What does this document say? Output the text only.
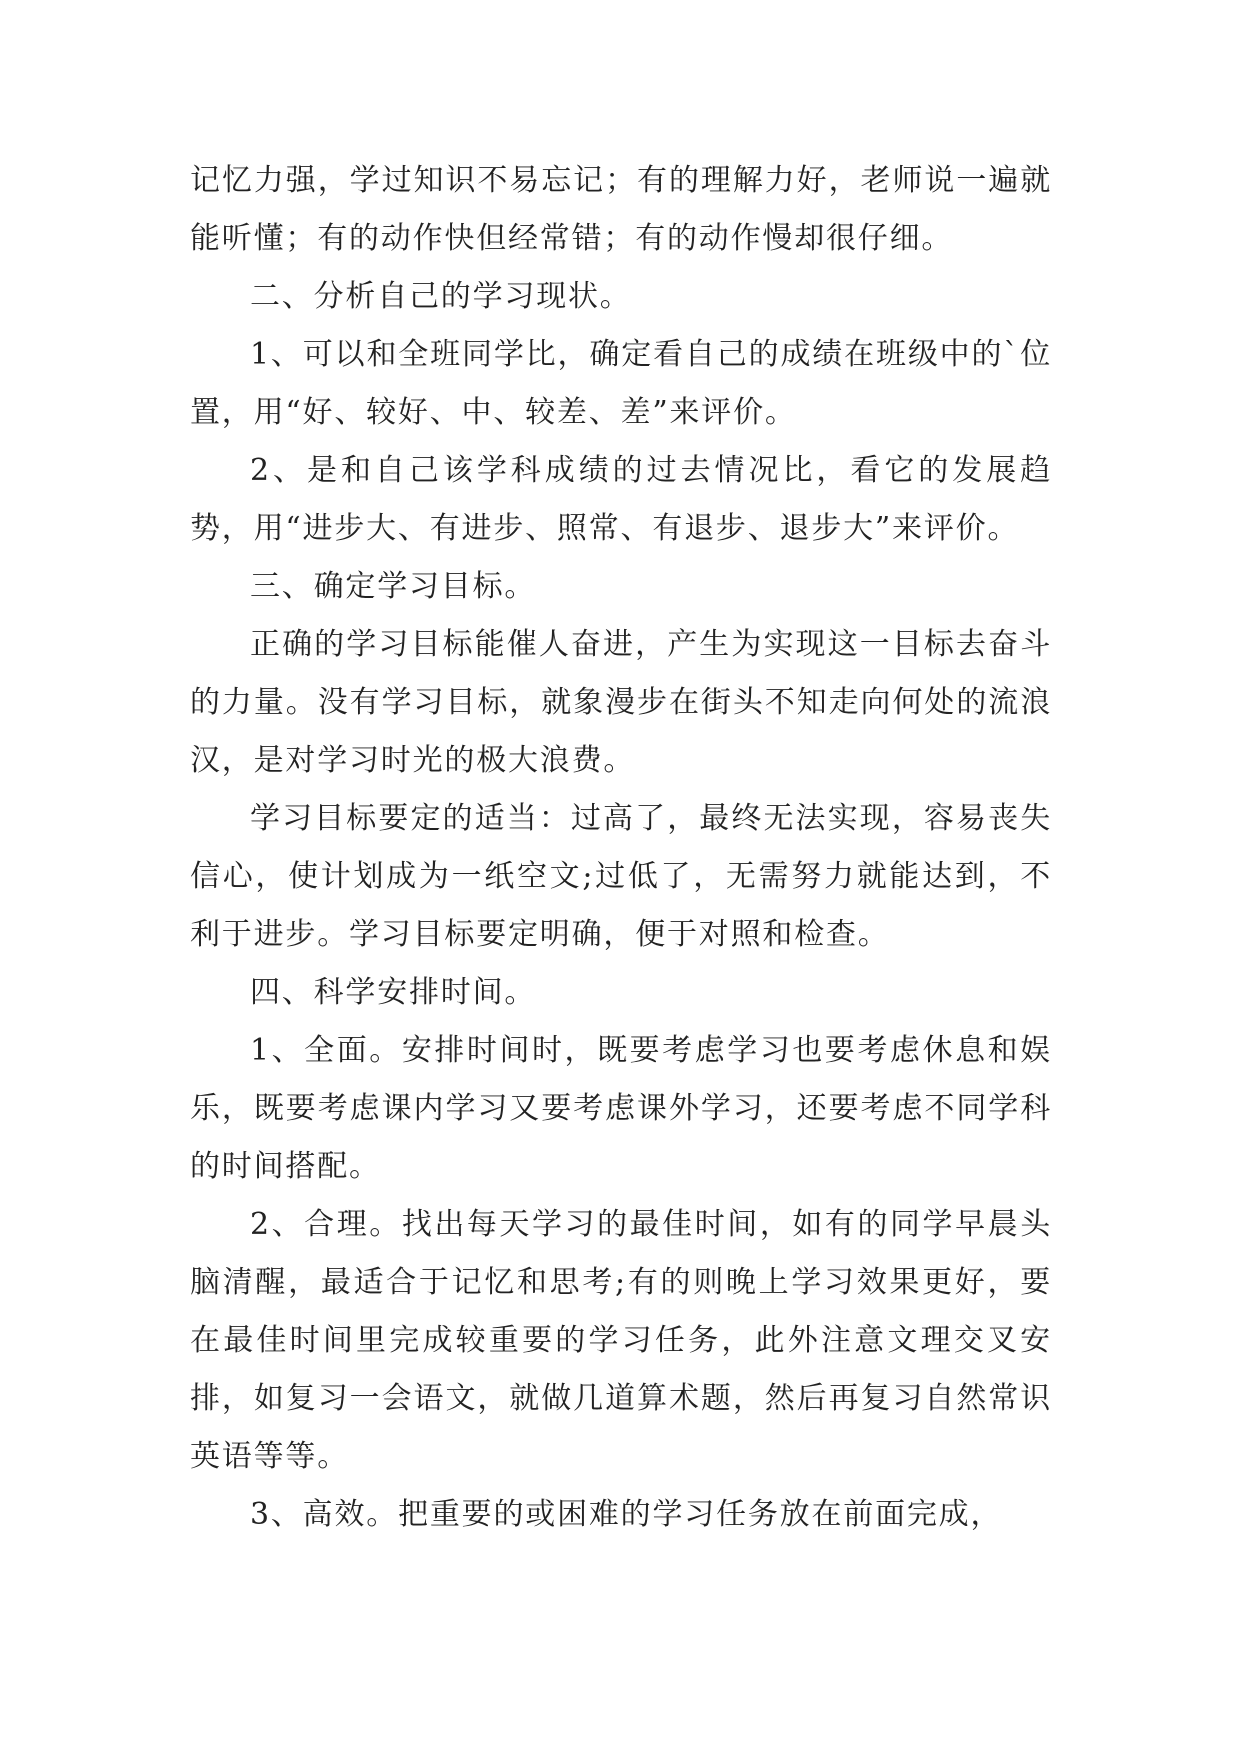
记忆力强，学过知识不易忘记；有的理解力好，老师说一遍就能听懂；有的动作快但经常错；有的动作慢却很仔细。

二、分析自己的学习现状。

1、可以和全班同学比，确定看自己的成绩在班级中的`位置，用“好、较好、中、较差、差”来评价。

2、是和自己该学科成绩的过去情况比，看它的发展趋势，用“进步大、有进步、照常、有退步、退步大”来评价。

三、确定学习目标。

正确的学习目标能催人奋进，产生为实现这一目标去奋斗的力量。没有学习目标，就象漫步在街头不知走向何处的流浪汉，是对学习时光的极大浪费。

学习目标要定的适当：过高了，最终无法实现，容易丧失信心，使计划成为一纸空文;过低了，无需努力就能达到，不利于进步。学习目标要定明确，便于对照和检查。

四、科学安排时间。

1、全面。安排时间时，既要考虑学习也要考虑休息和娱乐，既要考虑课内学习又要考虑课外学习，还要考虑不同学科的时间搭配。

2、合理。找出每天学习的最佳时间，如有的同学早晨头脑清醒，最适合于记忆和思考;有的则晚上学习效果更好，要在最佳时间里完成较重要的学习任务，此外注意文理交叉安排，如复习一会语文，就做几道算术题，然后再复习自然常识英语等等。

3、高效。把重要的或困难的学习任务放在前面完成，
